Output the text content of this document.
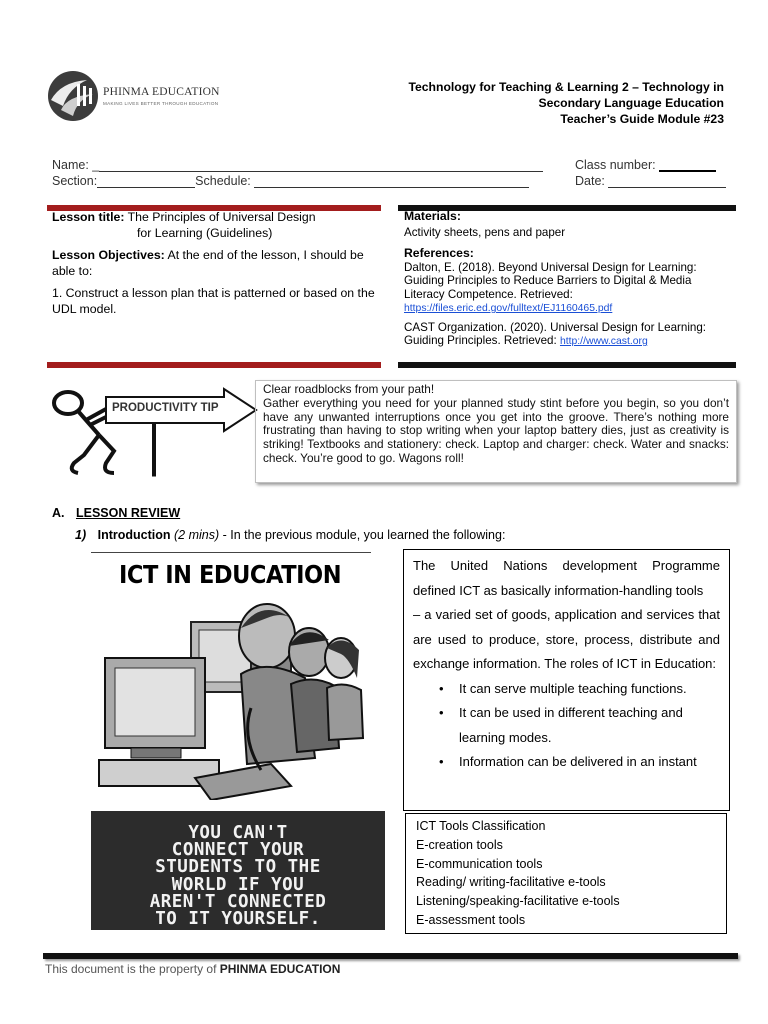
PHINMA EDUCATION
MAKING LIVES BETTER THROUGH EDUCATION
Technology for Teaching & Learning 2 – Technology in
Secondary Language Education
Teacher’s Guide Module #23
Name: _
Section:	Schedule:
Class number:
Date:

Lesson title: The Principles of Universal Design
for Learning (Guidelines)

Lesson Objectives: At the end of the lesson, I should be able to:

1. Construct a lesson plan that is patterned or based on the UDL model.

Materials:
Activity sheets, pens and paper
References:
Dalton, E. (2018). Beyond Universal Design for Learning: Guiding Principles to Reduce Barriers to Digital & Media Literacy Competence. Retrieved:
https://files.eric.ed.gov/fulltext/EJ1160465.pdf
CAST Organization. (2020). Universal Design for Learning: Guiding Principles. Retrieved: http://www.cast.org
PRODUCTIVITY TIP
Clear roadblocks from your path!
Gather everything you need for your planned study stint before you begin, so you don’t have any unwanted interruptions once you get into the groove. There’s nothing more frustrating than having to stop writing when your laptop battery dies, just as creativity is striking! Textbooks and stationery: check. Laptop and charger: check. Water and snacks: check. You’re good to go. Wagons roll!
A. LESSON REVIEW
1) Introduction (2 mins) - In the previous module, you learned the following:
ICT IN EDUCATION	The United Nations development Programme defined ICT as basically information-handling tools
– a varied set of goods, application and services that are used to produce, store, process, distribute and exchange information. The roles of ICT in Education:
• It can serve multiple teaching functions.
• It can be used in different teaching and learning modes.
• Information can be delivered in an instant
YOU CAN'T
CONNECT YOUR
STUDENTS TO THE
WORLD IF YOU
AREN'T CONNECTED
TO IT YOURSELF.
ICT Tools Classification
E-creation tools
E-communication tools
Reading/ writing-facilitative e-tools
Listening/speaking-facilitative e-tools
E-assessment tools
This document is the property of PHINMA EDUCATION
